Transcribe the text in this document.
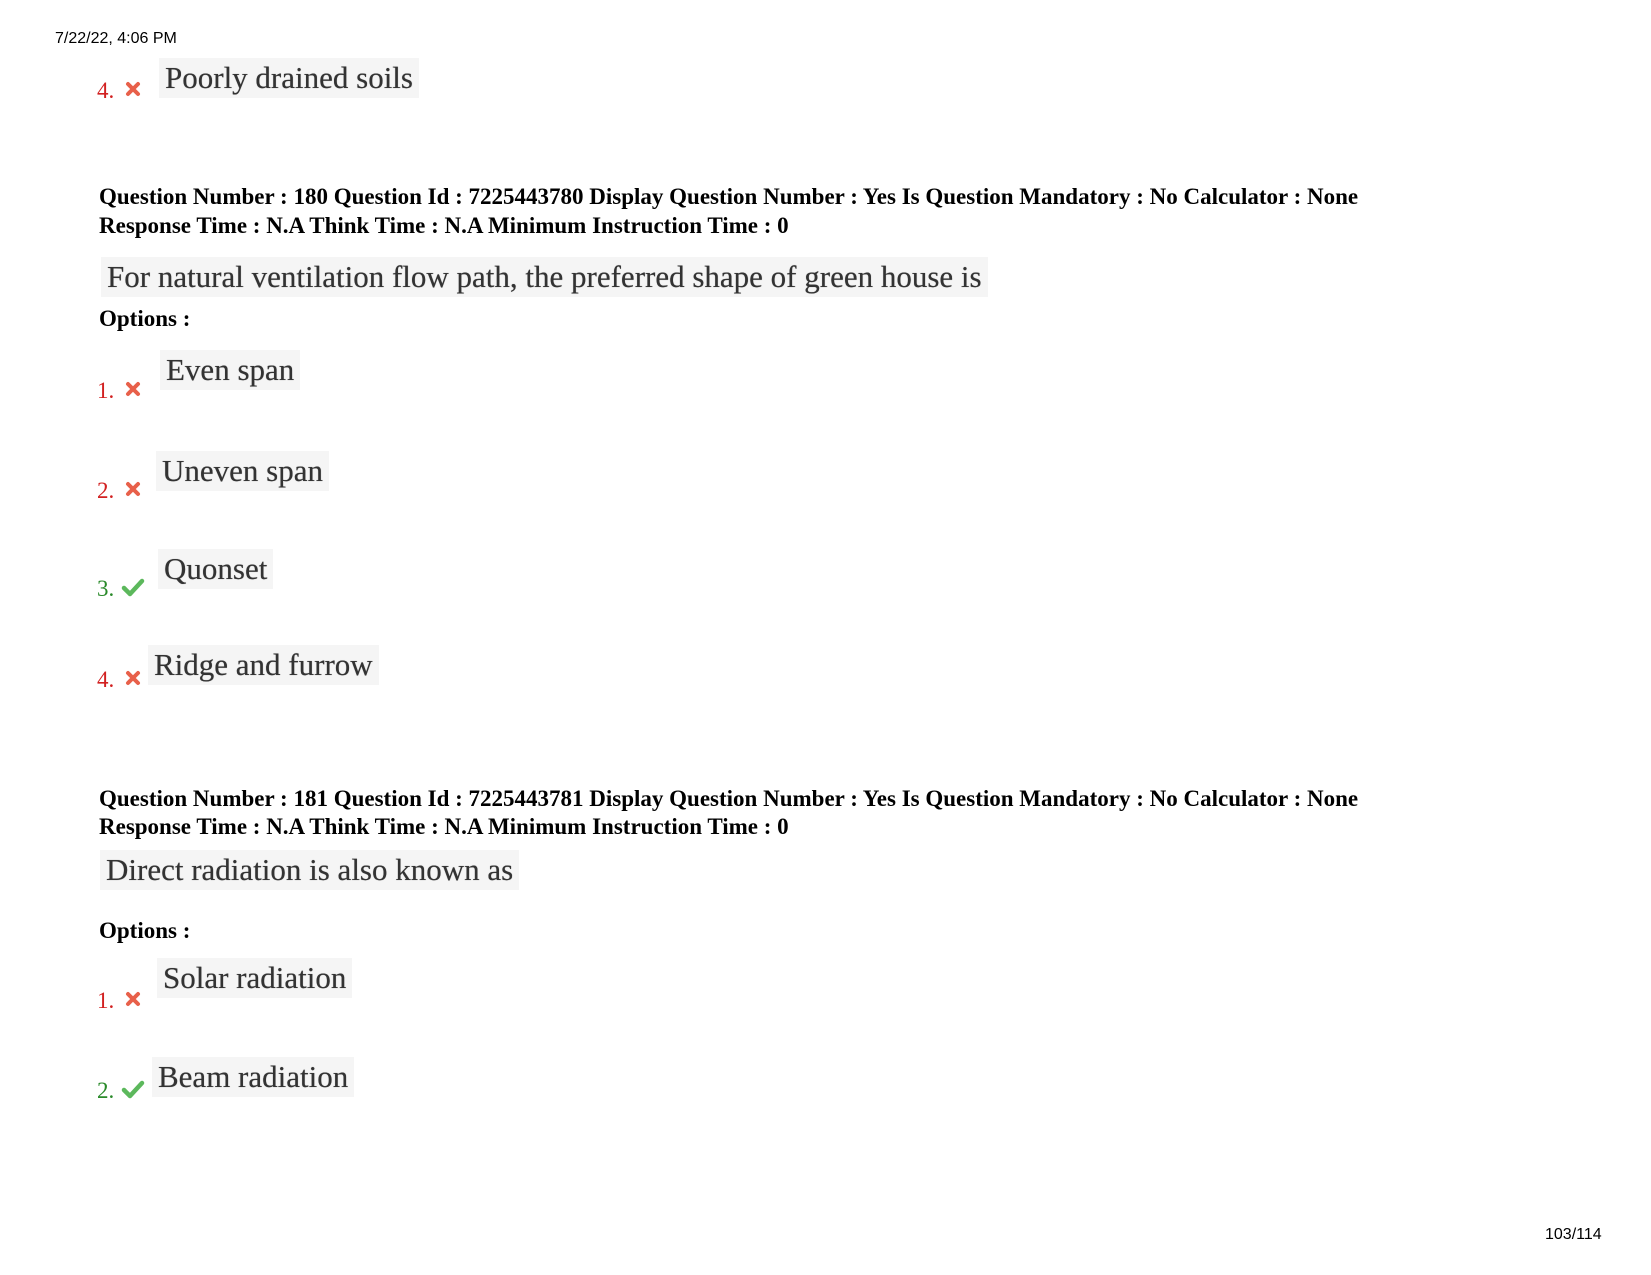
7/22/22, 4:06 PM
103/114
4. Poorly drained soils
Question Number : 180 Question Id : 7225443780 Display Question Number : Yes Is Question Mandatory : No Calculator : None
Response Time : N.A Think Time : N.A Minimum Instruction Time : 0
For natural ventilation flow path, the preferred shape of green house is
Options :
1.
Even span
2.
Uneven span
3.
Quonset
4. Ridge and furrow
Question Number : 181 Question Id : 7225443781 Display Question Number : Yes Is Question Mandatory : No Calculator : None
Response Time : N.A Think Time : N.A Minimum Instruction Time : 0
Direct radiation is also known as
Options :
1.
Solar radiation
2. Beam radiation
